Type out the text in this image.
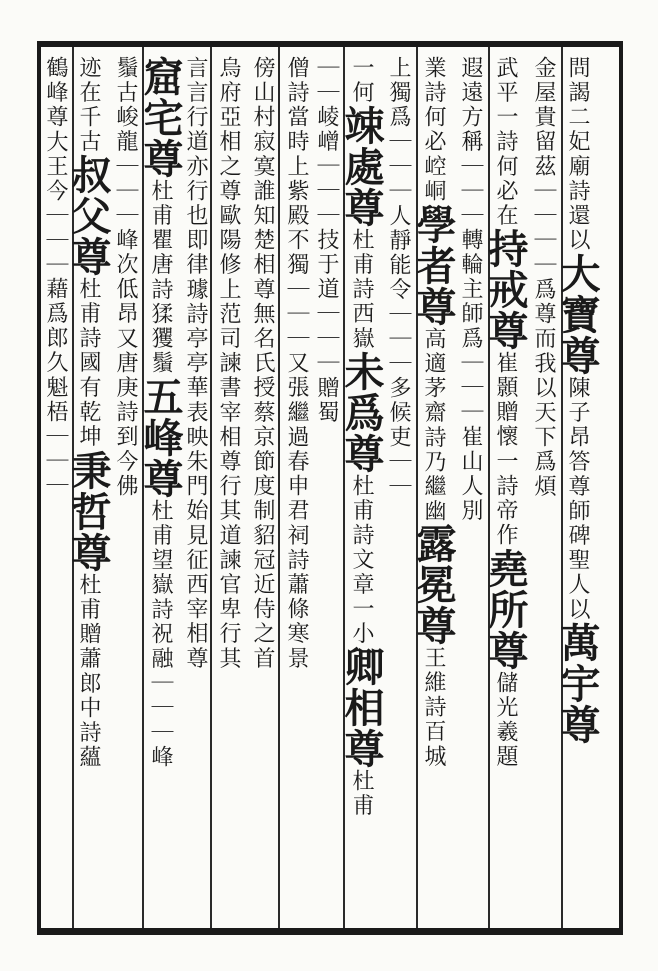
問謁二妃廟詩還以
大寶尊
陳子昂答尊師碑聖人以
萬宇尊
金屋貴留茲｜｜｜
｜爲尊而我以天下爲煩
武平一詩何必在
持戒尊
崔顥贈懷一詩帝作
堯所尊
儲光羲題
遐遠方稱｜｜｜
轉輪主師爲｜｜｜
崔山人別
業詩何必崆峒
學者尊
高適茅齋詩乃繼幽
露冕尊
王維詩百城
上獨爲｜｜｜
人靜能令｜｜｜
多候吏｜｜
一何
竦處尊
杜甫詩西嶽
未爲尊
杜甫詩文章一小
卿相尊
杜甫
｜｜
崚嶒｜｜｜
技于道｜｜｜
贈蜀
僧詩當時上紫殿不獨｜｜｜又張繼過春申君祠詩蕭條寒景
傍山村寂寞誰知楚相尊無名氏授蔡京節度制貂冠近侍之首
烏府亞相之尊歐陽修上范司諫書宰相尊行其道諫官卑行其
言言行道亦行也即律璩詩亭亭華表映朱門始見征西宰相尊
窟宅尊
杜甫瞿唐詩猱玃
鬚
五峰尊
杜甫望嶽詩祝融｜｜｜峰
鬚古峻龍｜｜｜
峰次低昂又唐庚詩到今佛
迹在千古
叔父尊
杜甫詩國有乾坤
秉哲尊
杜甫贈蕭郎中詩蘊
鶴峰尊
大王今｜｜｜
藉爲郎久魁梧｜｜｜
